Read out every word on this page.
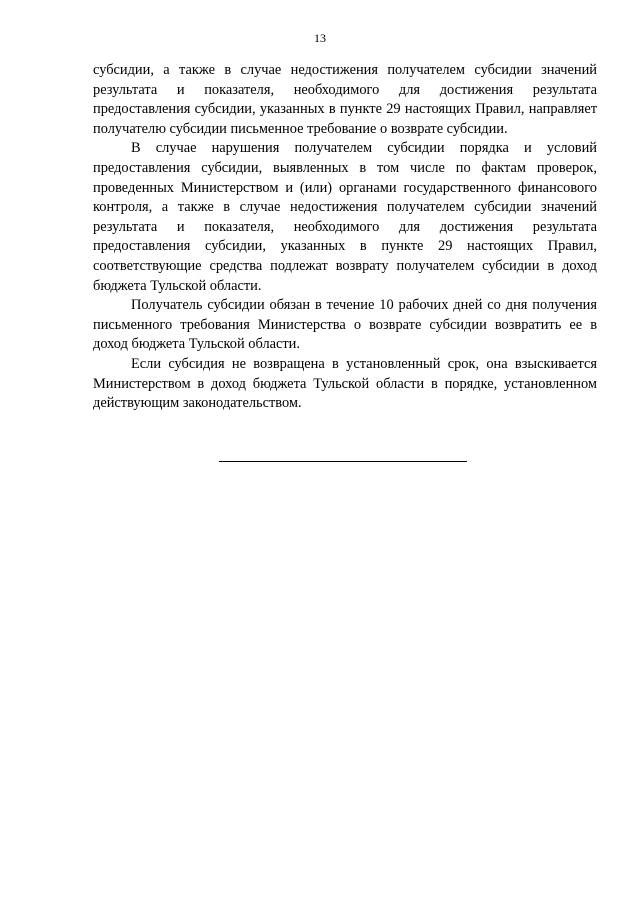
13

субсидии, а также в случае недостижения получателем субсидии значений результата и показателя, необходимого для достижения результата предоставления субсидии, указанных в пункте 29 настоящих Правил, направляет получателю субсидии письменное требование о возврате субсидии.

В случае нарушения получателем субсидии порядка и условий предоставления субсидии, выявленных в том числе по фактам проверок, проведенных Министерством и (или) органами государственного финансового контроля, а также в случае недостижения получателем субсидии значений результата и показателя, необходимого для достижения результата предоставления субсидии, указанных в пункте 29 настоящих Правил, соответствующие средства подлежат возврату получателем субсидии в доход бюджета Тульской области.

Получатель субсидии обязан в течение 10 рабочих дней со дня получения письменного требования Министерства о возврате субсидии возвратить ее в доход бюджета Тульской области.

Если субсидия не возвращена в установленный срок, она взыскивается Министерством в доход бюджета Тульской области в порядке, установленном действующим законодательством.
